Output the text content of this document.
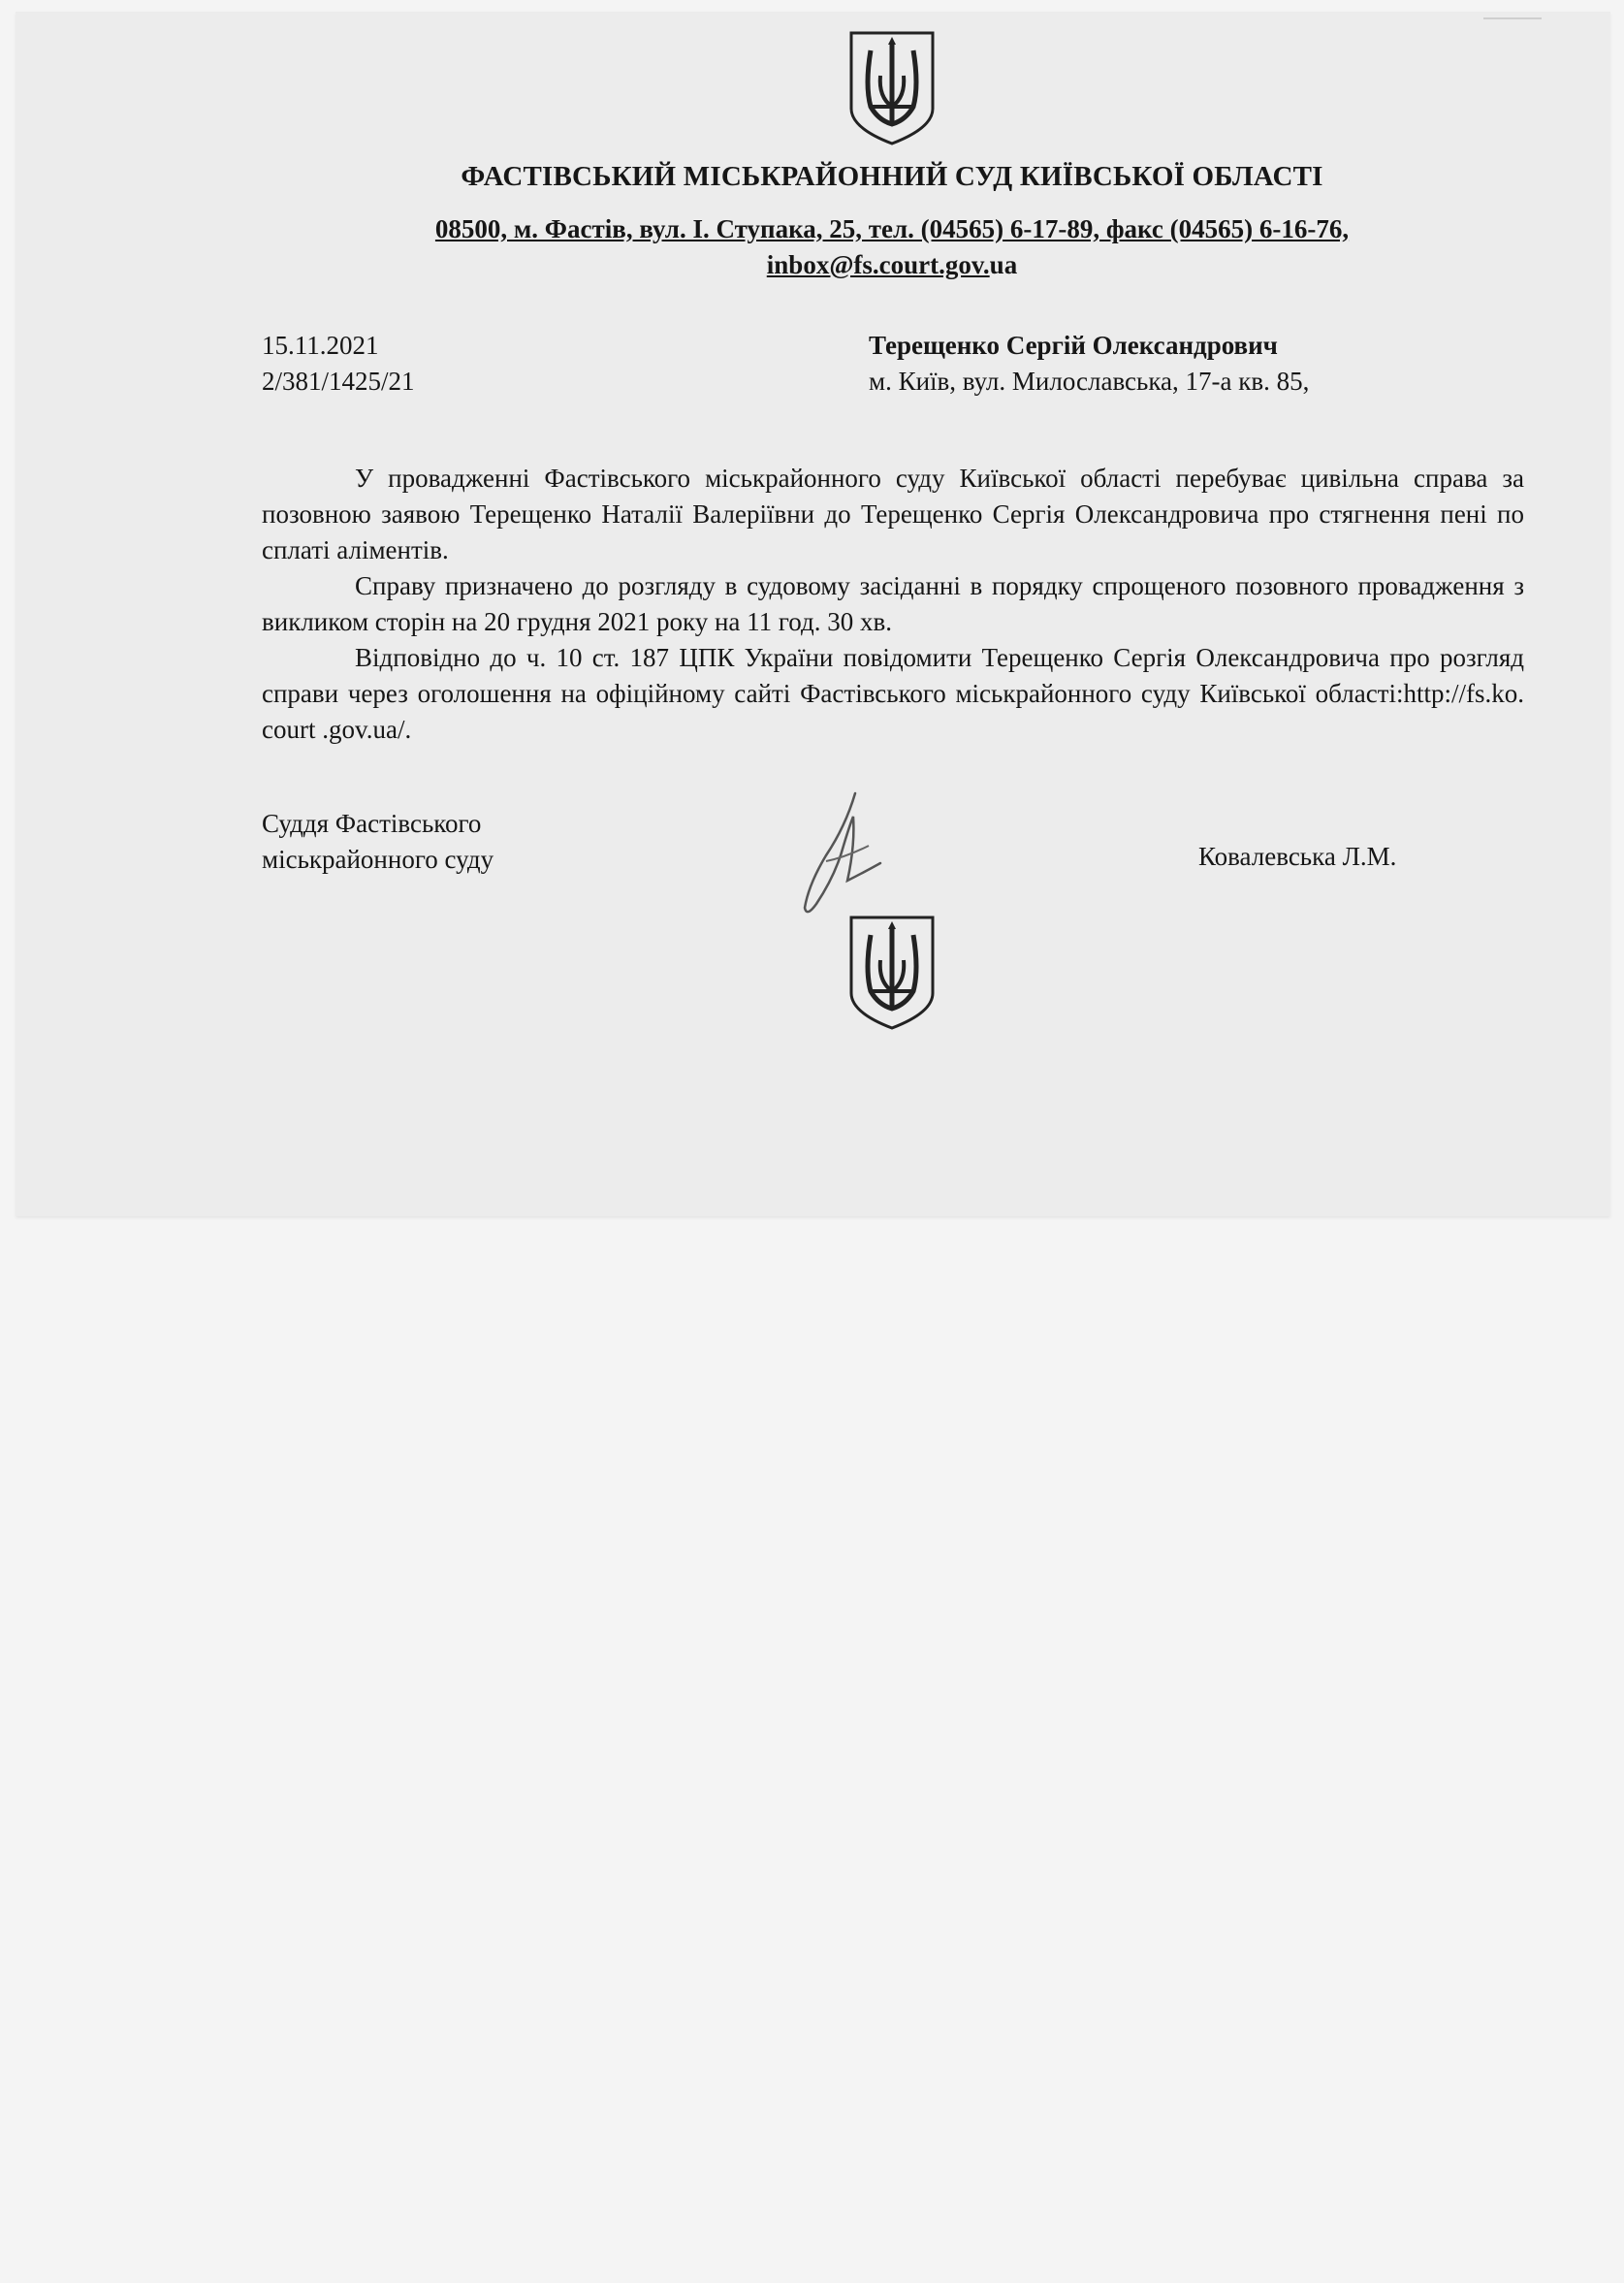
ФАСТІВСЬКИЙ МІСЬКРАЙОННИЙ СУД КИЇВСЬКОЇ ОБЛАСТІ
08500, м. Фастів, вул. І. Ступака, 25, тел. (04565) 6-17-89, факс (04565) 6-16-76,
inbox@fs.court.gov.ua
15.11.2021
2/381/1425/21
Терещенко Сергій Олександрович
м. Київ, вул. Милославська, 17-а кв. 85,

У провадженні Фастівського міськрайонного суду Київської області перебуває цивільна справа за позовною заявою Терещенко Наталії Валеріївни до Терещенко Сергія Олександровича про стягнення пені по сплаті аліментів.

Справу призначено до розгляду в судовому засіданні в порядку спрощеного позовного провадження з викликом сторін на 20 грудня 2021 року на 11 год. 30 хв.

Відповідно до ч. 10 ст. 187 ЦПК України повідомити Терещенко Сергія Олександровича про розгляд справи через оголошення на офіційному сайті Фастівського міськрайонного суду Київської області:http://fs.ko. court .gov.ua/.

Суддя Фастівського
міськрайонного суду	Ковалевська Л.М.
